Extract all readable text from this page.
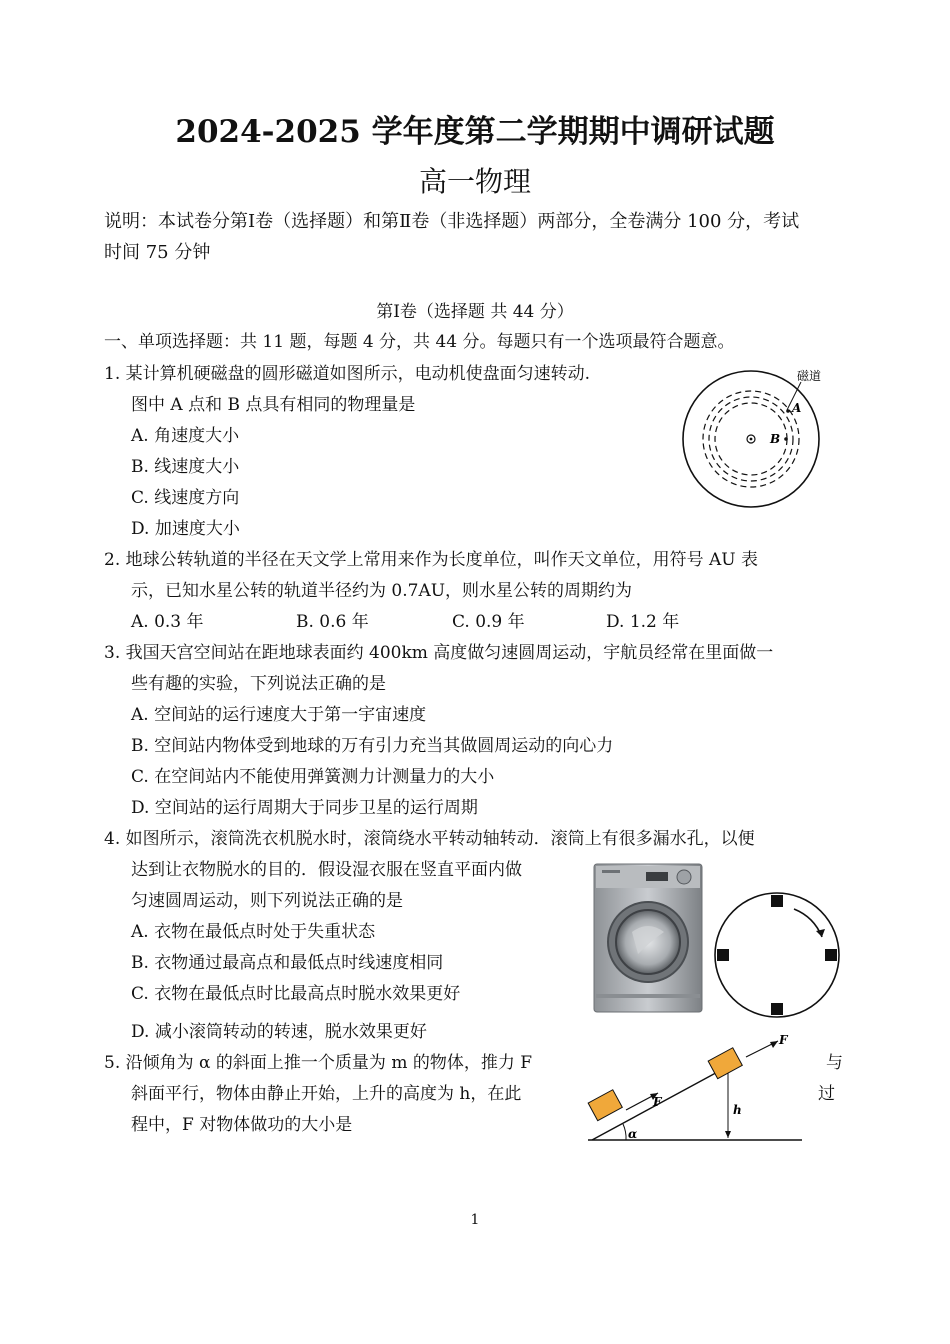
2024-2025 学年度第二学期期中调研试题
高一物理
说明：本试卷分第Ⅰ卷（选择题）和第Ⅱ卷（非选择题）两部分，全卷满分 100 分，考试
时间 75 分钟
第Ⅰ卷（选择题 共 44 分）
一、单项选择题：共 11 题，每题 4 分，共 44 分。每题只有一个选项最符合题意。
1. 某计算机硬磁盘的圆形磁道如图所示，电动机使盘面匀速转动.
图中 A 点和 B 点具有相同的物理量是
A. 角速度大小
B. 线速度大小
C. 线速度方向
D. 加速度大小
磁道
A
B
2. 地球公转轨道的半径在天文学上常用来作为长度单位，叫作天文单位，用符号 AU 表
示，已知水星公转的轨道半径约为 0.7AU，则水星公转的周期约为
A. 0.3 年	B. 0.6 年	C. 0.9 年	D. 1.2 年
3. 我国天宫空间站在距地球表面约 400km 高度做匀速圆周运动，宇航员经常在里面做一
些有趣的实验，下列说法正确的是
A. 空间站的运行速度大于第一宇宙速度
B. 空间站内物体受到地球的万有引力充当其做圆周运动的向心力
C. 在空间站内不能使用弹簧测力计测量力的大小
D. 空间站的运行周期大于同步卫星的运行周期
4. 如图所示，滚筒洗衣机脱水时，滚筒绕水平转动轴转动．滚筒上有很多漏水孔，以便
达到让衣物脱水的目的．假设湿衣服在竖直平面内做
匀速圆周运动，则下列说法正确的是
A. 衣物在最低点时处于失重状态
B. 衣物通过最高点和最低点时线速度相同
C. 衣物在最低点时比最高点时脱水效果更好
D. 减小滚筒转动的转速，脱水效果更好
5. 沿倾角为 α 的斜面上推一个质量为 m 的物体，推力 F
斜面平行，物体由静止开始，上升的高度为 h，在此
程中，F 对物体做功的大小是
与
过
h
α
F
F
1
